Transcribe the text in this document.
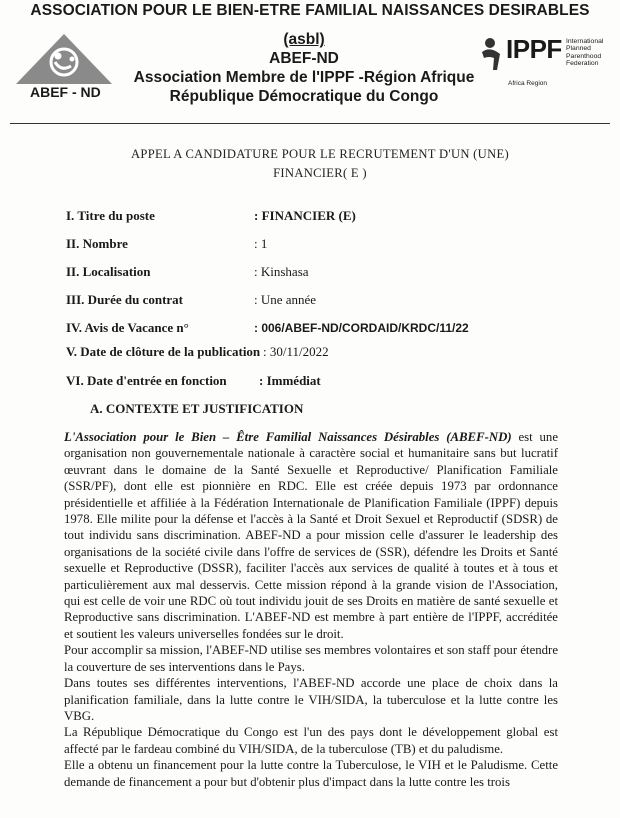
ASSOCIATION POUR LE BIEN-ETRE FAMILIAL NAISSANCES DESIRABLES
ABEF - ND
(asbl)
ABEF-ND
Association Membre de l'IPPF -Région Afrique
République Démocratique du Congo
IPPF International Planned Parenthood Federation
Africa Region
APPEL A CANDIDATURE POUR LE RECRUTEMENT D'UN (UNE)
FINANCIER( E )
I. Titre du poste	: FINANCIER (E)
II. Nombre	: 1
II. Localisation	: Kinshasa
III. Durée du contrat	: Une année
IV. Avis de Vacance n°	: 006/ABEF-ND/CORDAID/KRDC/11/22
V. Date de clôture de la publication : 30/11/2022
VI. Date d'entrée en fonction : Immédiat
A. CONTEXTE ET JUSTIFICATION

L'Association pour le Bien – Être Familial Naissances Désirables (ABEF-ND) est une organisation non gouvernementale nationale à caractère social et humanitaire sans but lucratif œuvrant dans le domaine de la Santé Sexuelle et Reproductive/ Planification Familiale (SSR/PF), dont elle est pionnière en RDC. Elle est créée depuis 1973 par ordonnance présidentielle et affiliée à la Fédération Internationale de Planification Familiale (IPPF) depuis 1978. Elle milite pour la défense et l'accès à la Santé et Droit Sexuel et Reproductif (SDSR) de tout individu sans discrimination. ABEF-ND a pour mission celle d'assurer le leadership des organisations de la société civile dans l'offre de services de (SSR), défendre les Droits et Santé sexuelle et Reproductive (DSSR), faciliter l'accès aux services de qualité à toutes et à tous et particulièrement aux mal desservis. Cette mission répond à la grande vision de l'Association, qui est celle de voir une RDC où tout individu jouit de ses Droits en matière de santé sexuelle et Reproductive sans discrimination. L'ABEF-ND est membre à part entière de l'IPPF, accréditée et soutient les valeurs universelles fondées sur le droit.

Pour accomplir sa mission, l'ABEF-ND utilise ses membres volontaires et son staff pour étendre la couverture de ses interventions dans le Pays.

Dans toutes ses différentes interventions, l'ABEF-ND accorde une place de choix dans la planification familiale, dans la lutte contre le VIH/SIDA, la tuberculose et la lutte contre les VBG.

La République Démocratique du Congo est l'un des pays dont le développement global est affecté par le fardeau combiné du VIH/SIDA, de la tuberculose (TB) et du paludisme.

Elle a obtenu un financement pour la lutte contre la Tuberculose, le VIH et le Paludisme. Cette demande de financement a pour but d'obtenir plus d'impact dans la lutte contre les trois
